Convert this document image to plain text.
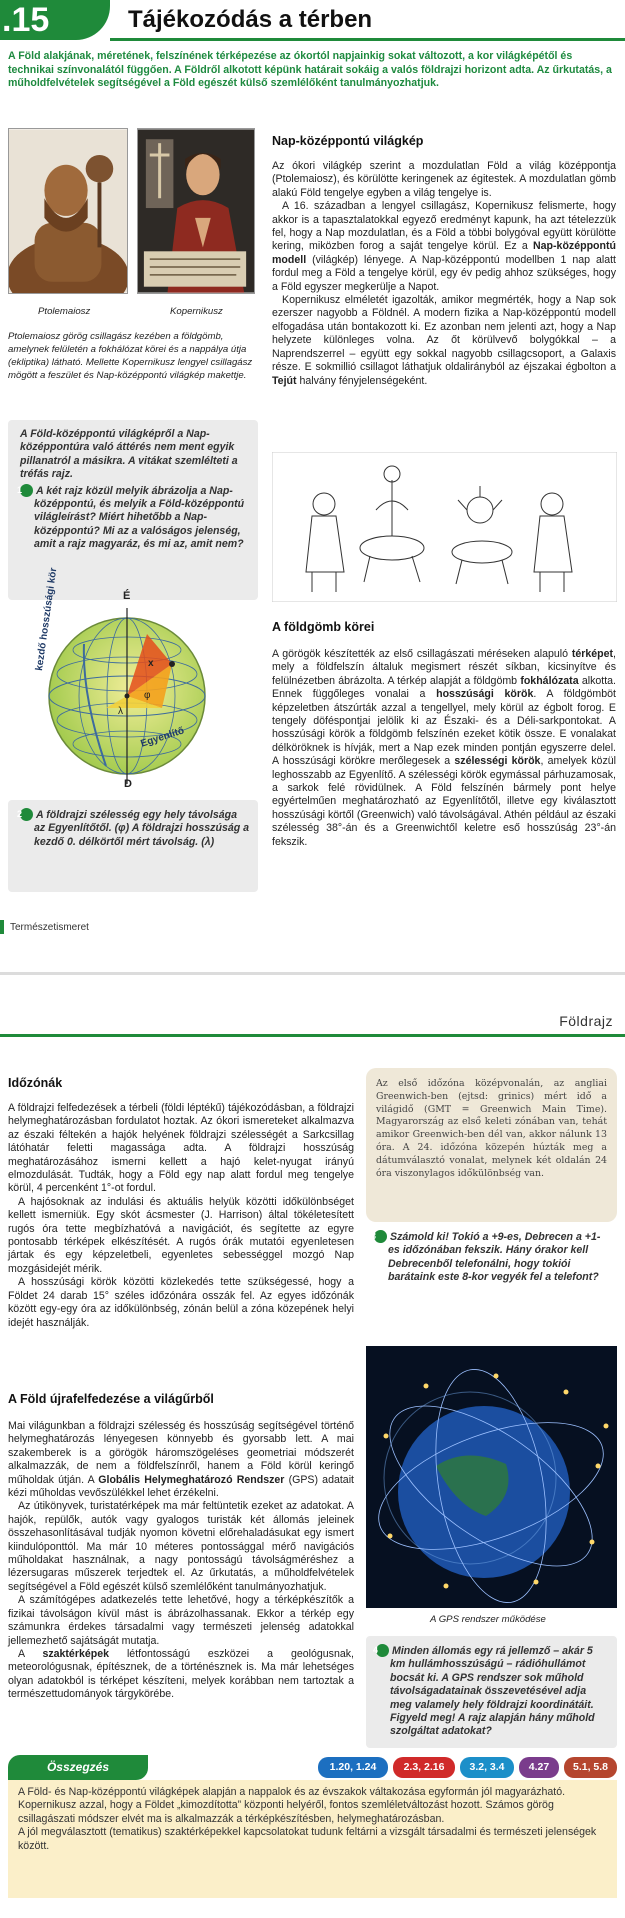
.15	Tájékozódás a térben

A Föld alakjának, méretének, felszínének térképezése az ókortól napjainkig sokat változott, a kor világképétől és technikai színvonalától függően. A Földről alkotott képünk határait sokáig a valós földrajzi horizont adta. Az űrkutatás, a műholdfelvételek segítségével a Föld egészét külső szemlélőként tanulmányozhatjuk.

Ptolemaiosz	Kopernikusz

Ptolemaiosz görög csillagász kezében a földgömb, amelynek felületén a fokhálózat körei és a nappálya útja (ekliptika) látható. Mellette Kopernikusz lengyel csillagász mögött a feszület és Nap-középpontú világkép makettje.

A Föld-középpontú világképről a Nap-középpontúra való áttérés nem ment egyik pillanatról a másikra. A vitákat szemlélteti a tréfás rajz.

1 A két rajz közül melyik ábrázolja a Nap-középpontú, és melyik a Föld-középpontú világleírást? Miért hihetőbb a Nap-középpontú? Mi az a valóságos jelenség, amit a rajz magyaráz, és mi az, amit nem?

É
D
x
φ
λ
Egyenlítő
kezdő hosszúsági kör

2 A földrajzi szélesség egy hely távolsága az Egyenlítőtől. (φ) A földrajzi hosszúság a kezdő 0. délkörtől mért távolság. (λ)

Nap-középpontú világkép

Az ókori világkép szerint a mozdulatlan Föld a világ középpontja (Ptolemaiosz), és körülötte keringenek az égitestek. A mozdulatlan gömb alakú Föld tengelye egyben a világ tengelye is.

A 16. században a lengyel csillagász, Kopernikusz felismerte, hogy akkor is a tapasztalatokkal egyező eredményt kapunk, ha azt tételezzük fel, hogy a Nap mozdulatlan, és a Föld a többi bolygóval együtt körülötte kering, miközben forog a saját tengelye körül. Ez a Nap-középpontú modell (világkép) lényege. A Nap-középpontú modellben 1 nap alatt fordul meg a Föld a tengelye körül, egy év pedig ahhoz szükséges, hogy a Föld egyszer megkerülje a Napot.

Kopernikusz elméletét igazolták, amikor megmérték, hogy a Nap sok ezerszer nagyobb a Földnél. A modern fizika a Nap-középpontú modell elfogadása után bontakozott ki. Ez azonban nem jelenti azt, hogy a Nap helyzete különleges volna. Az őt körülvevő bolygókkal – a Naprendszerrel – együtt egy sokkal nagyobb csillagcsoport, a Galaxis része. E sokmillió csillagot láthatjuk oldalirányból az éjszakai égbolton a Tejút halvány fényjelenségeként.

A földgömb körei

A görögök készítették az első csillagászati méréseken alapuló térképet, mely a földfelszín általuk megismert részét síkban, kicsinyítve és felülnézetben ábrázolta. A térkép alapját a földgömb fokhálózata alkotta. Ennek függőleges vonalai a hosszúsági körök. A földgömböt képzeletben átszúrták azzal a tengellyel, mely körül az égbolt forog. E tengely döféspontjai jelölik ki az Északi- és a Déli-sarkpontokat. A hosszúsági körök a földgömb felszínén ezeket kötik össze. E vonalakat délköröknek is hívják, mert a Nap ezek minden pontján egyszerre delel. A hosszúsági körökre merőlegesek a szélességi körök, amelyek közül leghosszabb az Egyenlítő. A szélességi körök egymással párhuzamosak, a sarkok felé rövidülnek. A Föld felszínén bármely pont helye egyértelműen meghatározható az Egyenlítőtől, illetve egy kiválasztott hosszúsági körtől (Greenwich) való távolságával. Athén például az északi szélesség 38°-án és a Greenwichtől keletre eső hosszúság 23°-án fekszik.

Természetismeret
Földrajz
Időzónák

A földrajzi felfedezések a térbeli (földi léptékű) tájékozódásban, a földrajzi helymeghatározásban fordulatot hoztak. Az ókori ismereteket alkalmazva az északi féltekén a hajók helyének földrajzi szélességét a Sarkcsillag látóhatár feletti magassága adta. A földrajzi hosszúság meghatározásához ismerni kellett a hajó kelet-nyugat irányú elmozdulását. Tudták, hogy a Föld egy nap alatt fordul meg tengelye körül, 4 percenként 1°-ot fordul.

A hajósoknak az indulási és aktuális helyük közötti időkülönbséget kellett ismerniük. Egy skót ácsmester (J. Harrison) által tökéletesített rugós óra tette megbízhatóvá a navigációt, és segítette az egyre pontosabb térképek elkészítését. A rugós órák mutatói egyenletesen jártak és egy képzeletbeli, egyenletes sebességgel mozgó Nap mozgásidejét mérik.

A hosszúsági körök közötti közlekedés tette szükségessé, hogy a Földet 24 darab 15° széles időzónára osszák fel. Az egyes időzónák között egy-egy óra az időkülönbség, zónán belül a zóna közepének helyi idejét használják.

A Föld újrafelfedezése a világűrből

Mai világunkban a földrajzi szélesség és hosszúság segítségével történő helymeghatározás lényegesen könnyebb és gyorsabb lett. A mai szakemberek is a görögök háromszögeléses geometriai módszerét alkalmazzák, de nem a földfelszínről, hanem a Föld körül keringő műholdak útján. A Globális Helymeghatározó Rendszer (GPS) adatait kézi műholdas vevőszülékkel lehet érzékelni.

Az útikönyvek, turistatérképek ma már feltüntetik ezeket az adatokat. A hajók, repülők, autók vagy gyalogos turisták két állomás jeleinek összehasonlításával tudják nyomon követni előrehaladásukat egy ismert kiindulóponttól. Ma már 10 méteres pontossággal mérő navigációs műholdakat használnak, a nagy pontosságú távolságméréshez a lézersugaras műszerek terjedtek el. Az űrkutatás, a műholdfelvételek segítségével a Föld egészét külső szemlélőként tanulmányozhatjuk.

A számítógépes adatkezelés tette lehetővé, hogy a térképkészítők a fizikai távolságon kívül mást is ábrázolhassanak. Ekkor a térkép egy számunkra érdekes társadalmi vagy természeti jelenség adatokkal jellemezhető sajátságát mutatja.

A szaktérképek létfontosságú eszközei a geológusnak, meteorológusnak, építésznek, de a történésznek is. Ma már lehetséges olyan adatokból is térképet készíteni, melyek korábban nem tartoztak a természettudományok tárgykörébe.

Az első időzóna középvonalán, az angliai Greenwich-ben (ejtsd: grinics) mért idő a világidő (GMT = Greenwich Main Time). Magyarország az első keleti zónában van, tehát amikor Greenwich-ben dél van, akkor nálunk 13 óra. A 24. időzóna közepén húzták meg a dátumválasztó vonalat, melynek két oldalán 24 óra viszonylagos időkülönbség van.

3 Számold ki! Tokió a +9-es, Debrecen a +1-es időzónában fekszik. Hány órakor kell Debrecenből telefonálni, hogy tokiói barátaink este 8-kor vegyék fel a telefont?

A GPS rendszer működése

4 Minden állomás egy rá jellemző – akár 5 km hullámhosszúságú – rádióhullámot bocsát ki. A GPS rendszer sok műhold távolságadatainak összevetésével adja meg valamely hely földrajzi koordinátáit. Figyeld meg! A rajz alapján hány műhold szolgáltat adatokat?

Összegzés	1.20, 1.24	2.3, 2.16	3.2, 3.4	4.27	5.1, 5.8

A Föld- és Nap-középpontú világképek alapján a nappalok és az évszakok váltakozása egyformán jól magyarázható. Kopernikusz azzal, hogy a Földet „kimozdította” központi helyéről, fontos szemléletváltozást hozott. Számos görög csillagászati módszer elvét ma is alkalmazzák a térképkészítésben, helymeghatározásban.

A jól megválasztott (tematikus) szaktérképekkel kapcsolatokat tudunk feltárni a vizsgált társadalmi és természeti jelenségek között.
